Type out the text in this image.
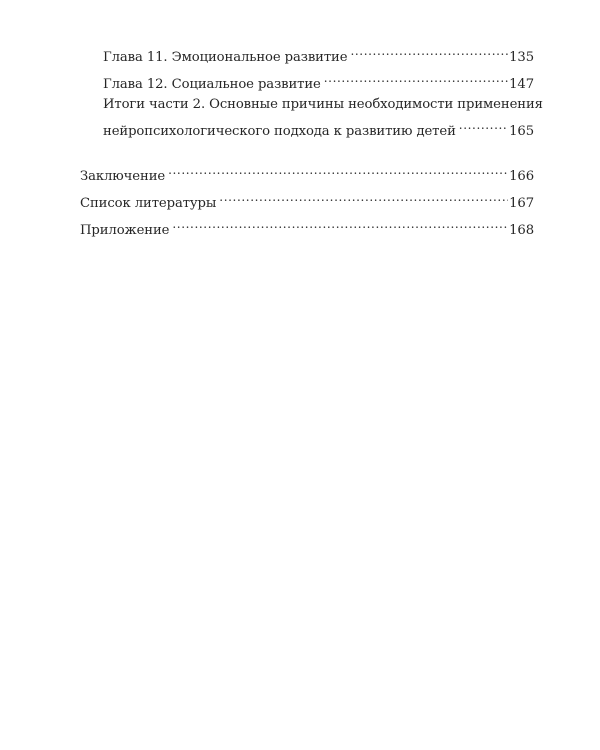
Глава 11. Эмоциональное развитие .....	135
Глава 12. Социальное развитие .....	147
Итоги части 2. Основные причины необходимости применения
нейропсихологического подхода к развитию детей .....	165
Заключение .....	166
Список литературы .....	167
Приложение .....	168
